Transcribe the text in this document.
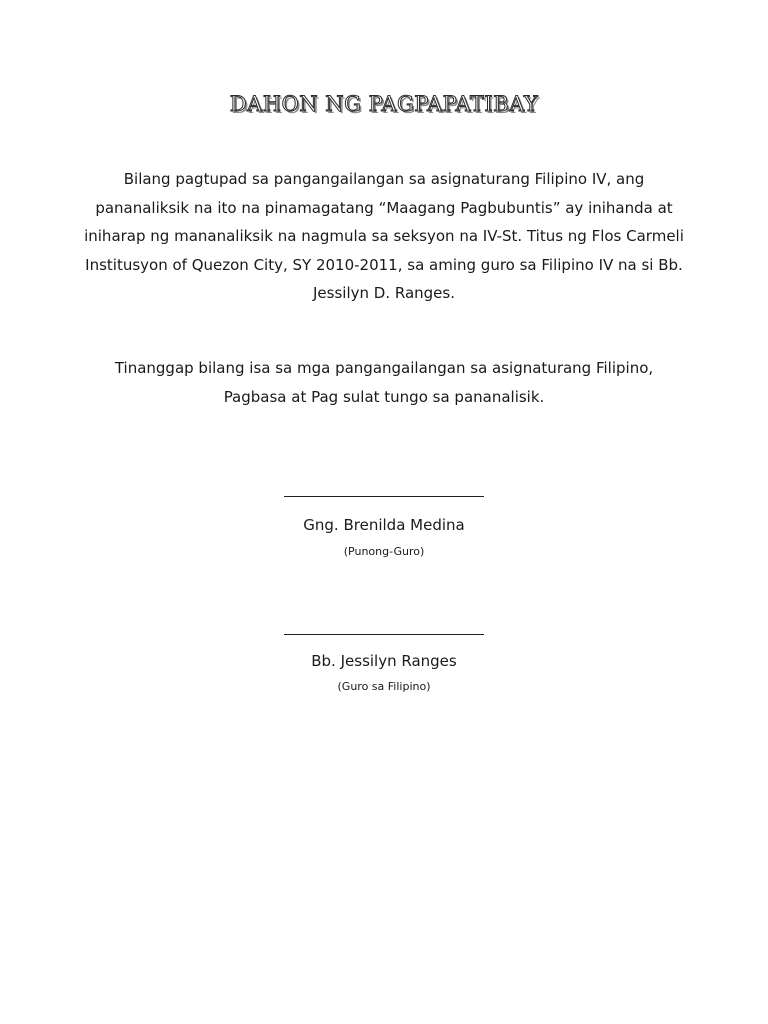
DAHON NG PAGPAPATIBAY
Bilang pagtupad sa pangangailangan sa asignaturang Filipino IV, ang pananaliksik na ito na pinamagatang “Maagang Pagbubuntis” ay inihanda at iniharap ng mananaliksik na nagmula sa seksyon na IV-St. Titus ng Flos Carmeli Institusyon of Quezon City, SY 2010-2011, sa aming guro sa Filipino IV na si Bb. Jessilyn D. Ranges.
Tinanggap bilang isa sa mga pangangailangan sa asignaturang Filipino, Pagbasa at Pag sulat tungo sa pananalisik.
Gng. Brenilda Medina
(Punong-Guro)
Bb. Jessilyn Ranges
(Guro sa Filipino)
